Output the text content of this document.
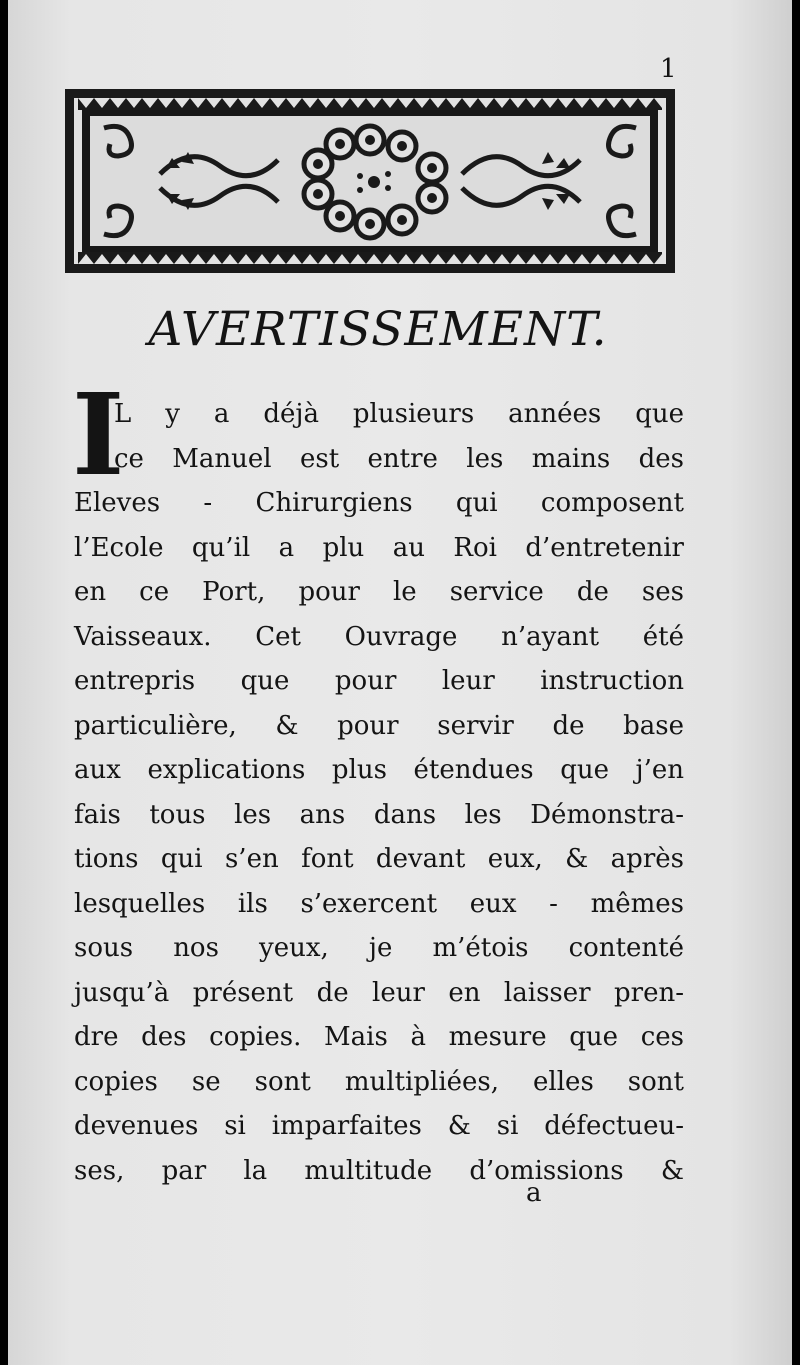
1
AVERTISSEMENT.
I
L y a déjà plusieurs années que
ce Manuel est entre les mains des
Eleves - Chirurgiens qui composent
l’Ecole qu’il a plu au Roi d’entretenir
en ce Port, pour le service de ses
Vaisseaux. Cet Ouvrage n’ayant été
entrepris que pour leur instruction
particulière, & pour servir de base
aux explications plus étendues que j’en
fais tous les ans dans les Démonstra-
tions qui s’en font devant eux, & après
lesquelles ils s’exercent eux - mêmes
sous nos yeux, je m’étois contenté
jusqu’à présent de leur en laisser pren-
dre des copies. Mais à mesure que ces
copies se sont multipliées, elles sont
devenues si imparfaites & si défectueu-
ses, par la multitude d’omissions &
a
